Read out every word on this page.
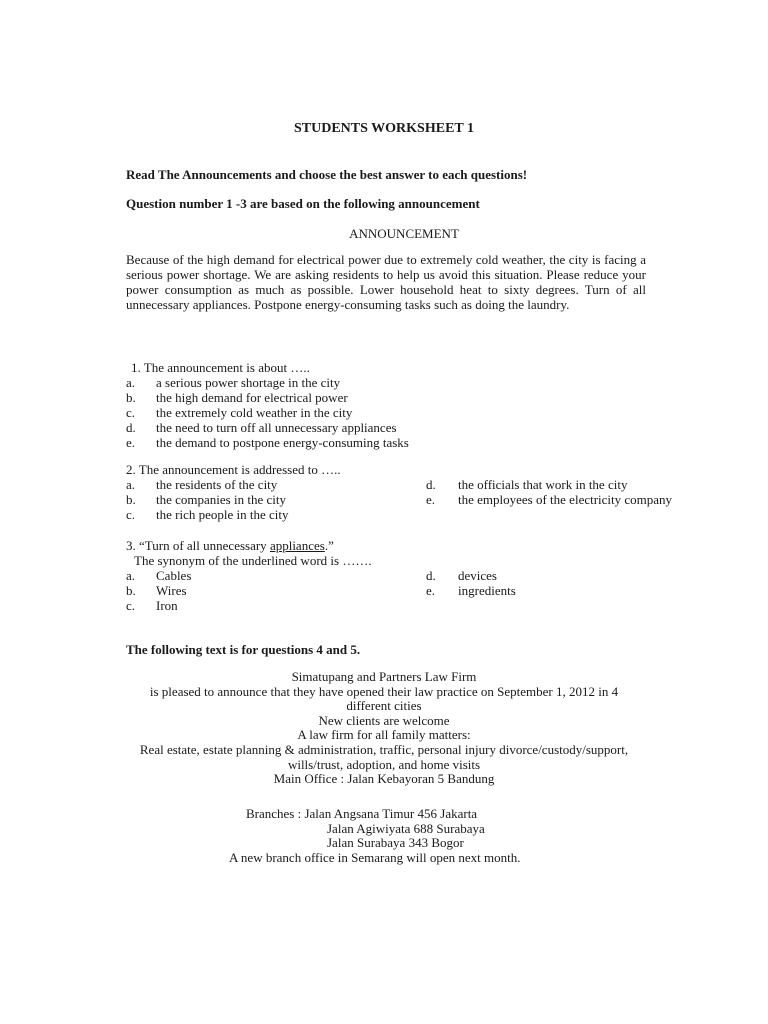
STUDENTS WORKSHEET 1
Read The Announcements and choose the best answer to each questions!
Question number 1 -3 are based on the following announcement
ANNOUNCEMENT
Because of the high demand for electrical power due to extremely cold weather, the city is facing a serious power shortage. We are asking residents to help us avoid this situation. Please reduce your power consumption as much as possible. Lower household heat to sixty degrees. Turn of all unnecessary appliances. Postpone energy-consuming tasks such as doing the laundry.
1. The announcement is about …..
a.	a serious power shortage in the city
b.	the high demand for electrical power
c.	the extremely cold weather in the city
d.	the need to turn off all unnecessary appliances
e.	the demand to postpone energy-consuming tasks
2. The announcement is addressed to …..
a.	the residents of the city
b.	the companies in the city
c.	the rich people in the city
d.	the officials that work in the city
e.	the employees of the electricity company
3. “Turn of all unnecessary appliances.”
The synonym of the underlined word is …….
a.	Cables
b.	Wires
c.	Iron
d.	devices
e.	ingredients
The following text is for questions 4 and 5.
Simatupang and Partners Law Firm
is pleased to announce that they have opened their law practice on September 1, 2012 in 4
different cities
New clients are welcome
A law firm for all family matters:
Real estate, estate planning & administration, traffic, personal injury divorce/custody/support,
wills/trust, adoption, and home visits
Main Office : Jalan Kebayoran 5 Bandung
Branches : Jalan Angsana Timur 456 Jakarta
Jalan Agiwiyata 688 Surabaya
Jalan Surabaya 343 Bogor
A new branch office in Semarang will open next month.
